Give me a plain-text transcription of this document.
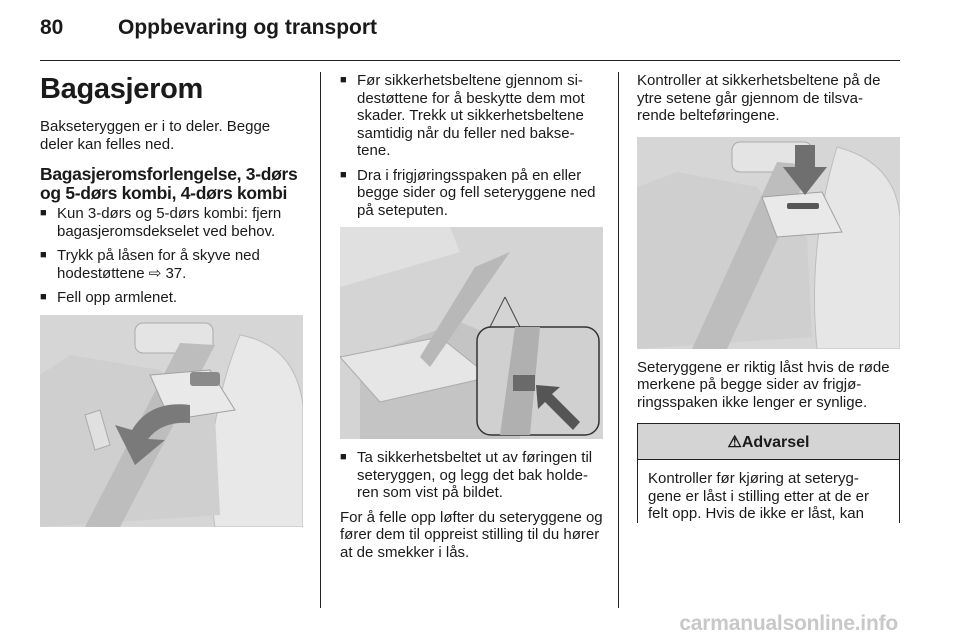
80	Oppbevaring og transport
Bagasjerom

Bakseteryggen er i to deler. Begge deler kan felles ned.

Bagasjeromsforlengelse, 3-dørs og 5-dørs kombi, 4-dørs kombi
■ Kun 3-dørs og 5-dørs kombi: fjern bagasjeromsdekselet ved behov.
■ Trykk på låsen for å skyve ned hodestøttene ⇨ 37.
■ Fell opp armlenet.
■ Før sikkerhetsbeltene gjennom si-destøttene for å beskytte dem mot skader. Trekk ut sikkerhetsbeltene samtidig når du feller ned bakse-tene.
■ Dra i frigjøringsspaken på en eller begge sider og fell seteryggene ned på seteputen.
■ Ta sikkerhetsbeltet ut av føringen til seteryggen, og legg det bak holde-ren som vist på bildet.

For å felle opp løfter du seteryggene og fører dem til oppreist stilling til du hører at de smekker i lås.

Kontroller at sikkerhetsbeltene på de ytre setene går gjennom de tilsva-rende belteføringene.

Seteryggene er riktig låst hvis de røde merkene på begge sider av frigjø-ringsspaken ikke lenger er synlige.

⚠Advarsel
Kontroller før kjøring at seteryg-gene er låst i stilling etter at de er felt opp. Hvis de ikke er låst, kan
carmanualsonline.info
